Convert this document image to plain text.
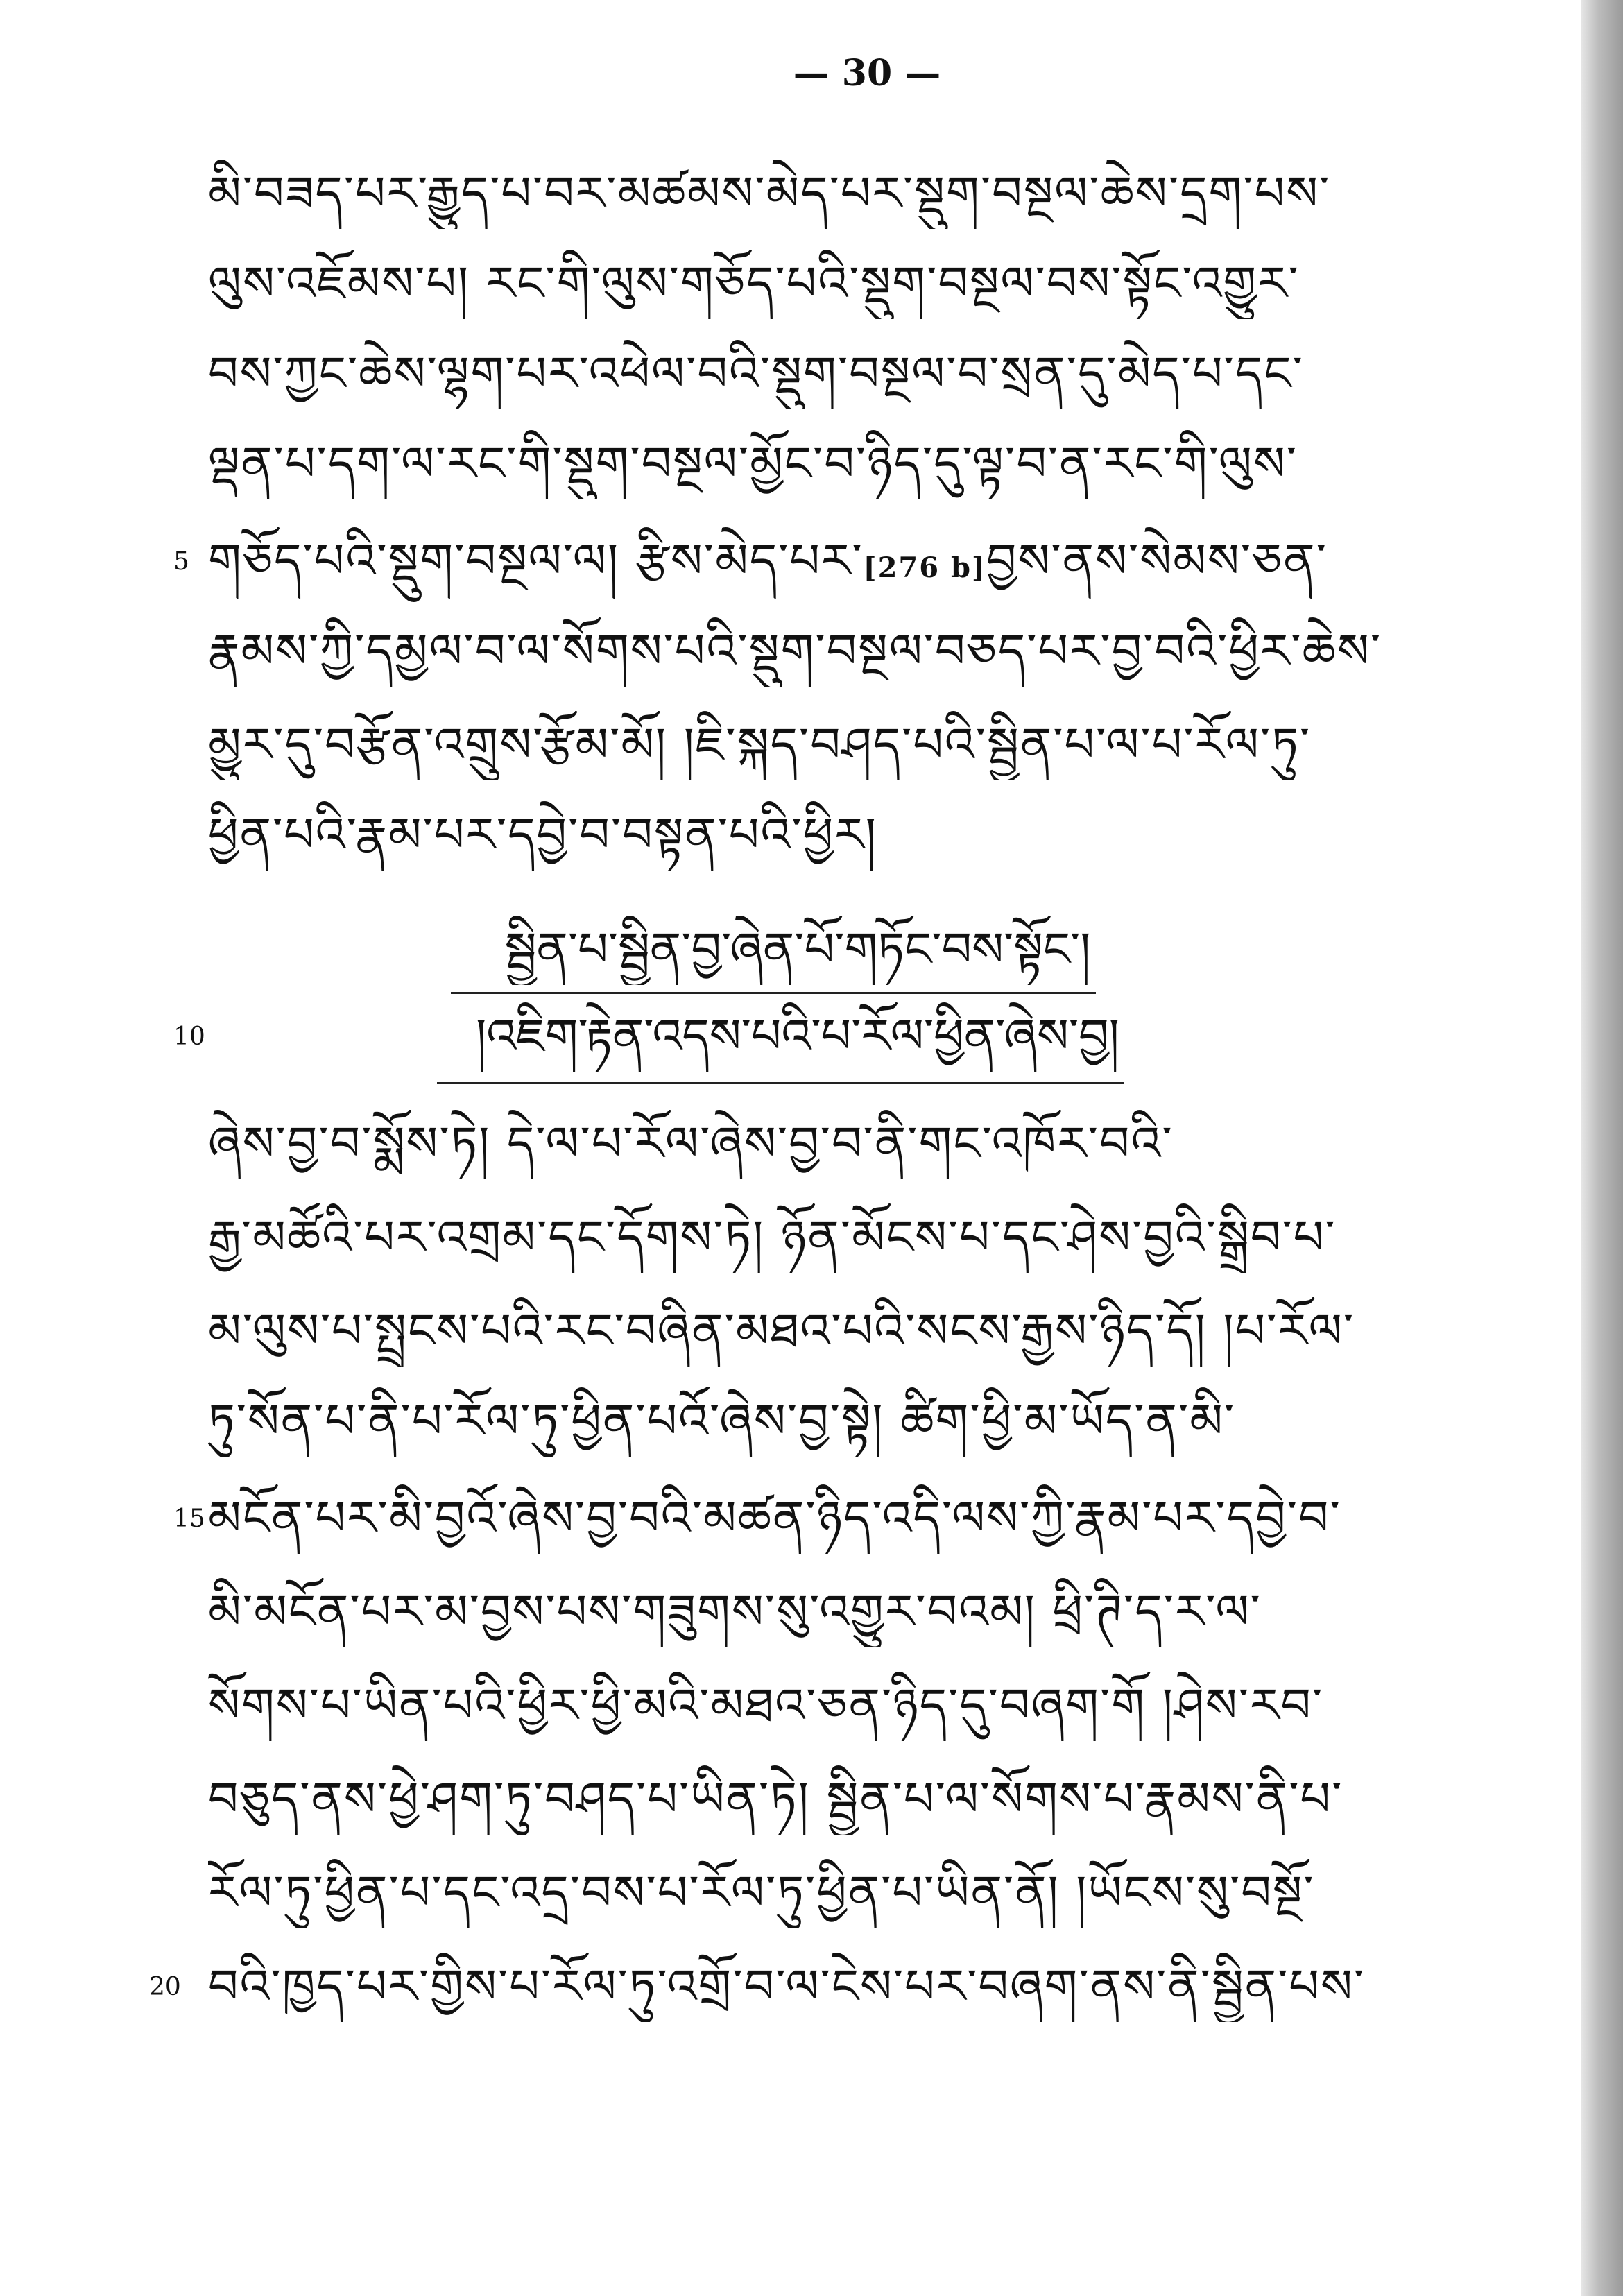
— 30 —
མི་བཟད་པར་རྒྱུད་པ་བར་མཚམས་མེད་པར་སྡུག་བསྔལ་ཆེས་དྲག་པས་
ལུས་འཇོམས་པ། རང་གི་ལུས་གཅོད་པའི་སྡུག་བསྔལ་བས་སྟོང་འགྱུར་
བས་ཀྱང་ཆེས་ལྷག་པར་འཕེལ་བའི་སྡུག་བསྔལ་བ་སྲན་དུ་མེད་པ་དང་
ལྡན་པ་དག་ལ་རང་གི་སྡུག་བསྔལ་མྱོང་བ་ཉིད་དུ་ལྟ་བ་ན་རང་གི་ལུས་
5 གཅོད་པའི་སྡུག་བསྔལ་ལ། རྩིས་མེད་པར་[276 b]བྱས་ནས་སེམས་ཅན་
རྣམས་ཀྱི་དམྱལ་བ་ལ་སོགས་པའི་སྡུག་བསྔལ་བཅད་པར་བྱ་བའི་ཕྱིར་ཆེས་
མྱུར་དུ་བརྩོན་འགྲུས་རྩོམ་མོ། །ཇི་སྐད་བཤད་པའི་སྦྱིན་པ་ལ་པ་རོལ་ཏུ་
ཕྱིན་པའི་རྣམ་པར་དབྱེ་བ་བསྟན་པའི་ཕྱིར།
སྦྱིན་པ་སྦྱིན་བྱ་ཞེན་པོ་གཏོང་བས་སྟོང་།
10	།འཇིག་རྟེན་འདས་པའི་པ་རོལ་ཕྱིན་ཞེས་བྱ།
ཞེས་བྱ་བ་སྨོས་ཏེ། དེ་ལ་པ་རོལ་ཞེས་བྱ་བ་ནི་གང་འཁོར་བའི་
རྒྱ་མཚོའི་པར་འགྲམ་དང་དོགས་ཏེ། ཉོན་མོངས་པ་དང་ཤེས་བྱའི་སྒྲིབ་པ་
མ་ལུས་པ་སྤྲངས་པའི་རང་བཞིན་མཐའ་པའི་སངས་རྒྱས་ཉིད་དོ། །པ་རོལ་
ཏུ་སོན་པ་ནི་པ་རོལ་ཏུ་ཕྱིན་པའོ་ཞེས་བྱ་སྟེ། ཚིག་ཕྱི་མ་ཡོད་ན་མི་
15 མངོན་པར་མི་བྱའོ་ཞེས་བྱ་བའི་མཚན་ཉིད་འདི་ལས་ཀྱི་རྣམ་པར་དབྱེ་བ་
མི་མངོན་པར་མ་བྱས་པས་གཟུགས་སུ་འགྱུར་བའམ། ཕྲི་ཊི་ད་ར་ལ་
སོགས་པ་ཡིན་པའི་ཕྱིར་ཕྱི་མའི་མཐའ་ཅན་ཉིད་དུ་བཞག་གོ །ཤེས་རབ་
བཅུད་ནས་ཕྱེ་ཤག་ཏུ་བཤད་པ་ཡིན་ཏེ། སྦྱིན་པ་ལ་སོགས་པ་རྣམས་ནི་པ་
རོལ་ཏུ་ཕྱིན་པ་དང་འདྲ་བས་པ་རོལ་ཏུ་ཕྱིན་པ་ཡིན་ནོ། །ཡོངས་སུ་བསྔོ་
20 བའི་ཁྱད་པར་གྱིས་པ་རོལ་ཏུ་འགྲོ་བ་ལ་ངེས་པར་བཞག་ནས་ནི་སྦྱིན་པས་
